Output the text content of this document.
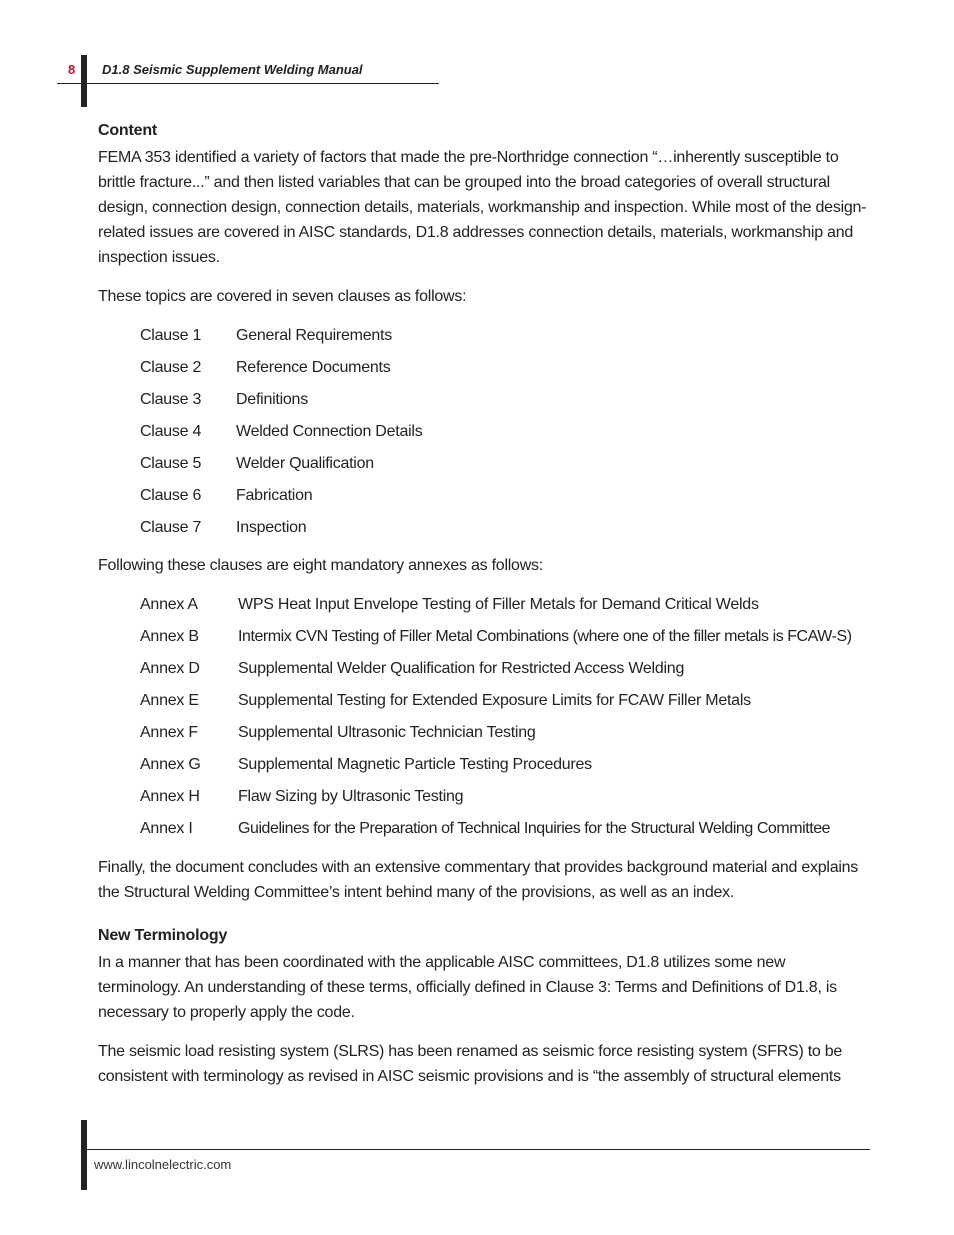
8 D1.8 Seismic Supplement Welding Manual
Content
FEMA 353 identified a variety of factors that made the pre-Northridge connection “…inherently susceptible to brittle fracture...” and then listed variables that can be grouped into the broad categories of overall structural design, connection design, connection details, materials, workmanship and inspection. While most of the design-related issues are covered in AISC standards, D1.8 addresses connection details, materials, workmanship and inspection issues.
These topics are covered in seven clauses as follows:
Clause 1 General Requirements
Clause 2 Reference Documents
Clause 3 Definitions
Clause 4 Welded Connection Details
Clause 5 Welder Qualification
Clause 6 Fabrication
Clause 7 Inspection
Following these clauses are eight mandatory annexes as follows:
Annex A	WPS Heat Input Envelope Testing of Filler Metals for Demand Critical Welds
Annex B Intermix CVN Testing of Filler Metal Combinations (where one of the filler metals is FCAW-S)
Annex D Supplemental Welder Qualification for Restricted Access Welding
Annex E Supplemental Testing for Extended Exposure Limits for FCAW Filler Metals
Annex F	Supplemental Ultrasonic Technician Testing
Annex G Supplemental Magnetic Particle Testing Procedures
Annex H Flaw Sizing by Ultrasonic Testing
Annex I	Guidelines for the Preparation of Technical Inquiries for the Structural Welding Committee
Finally, the document concludes with an extensive commentary that provides background material and explains the Structural Welding Committee’s intent behind many of the provisions, as well as an index.
New Terminology
In a manner that has been coordinated with the applicable AISC committees, D1.8 utilizes some new terminology. An understanding of these terms, officially defined in Clause 3: Terms and Definitions of D1.8, is necessary to properly apply the code.
The seismic load resisting system (SLRS) has been renamed as seismic force resisting system (SFRS) to be consistent with terminology as revised in AISC seismic provisions and is “the assembly of structural elements
www.lincolnelectric.com
